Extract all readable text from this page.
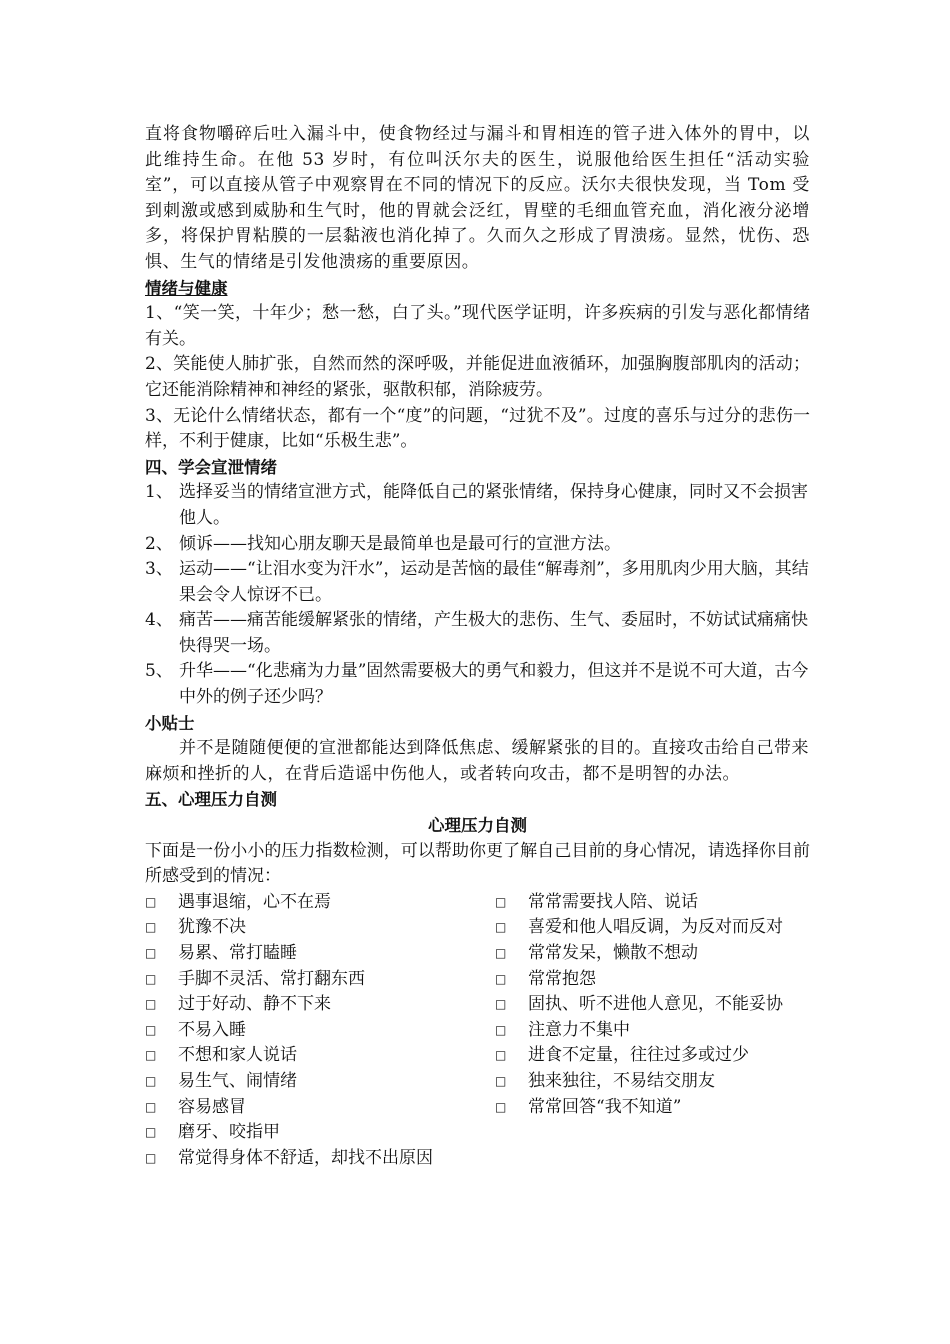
直将食物嚼碎后吐入漏斗中，使食物经过与漏斗和胃相连的管子进入体外的胃中，以此维持生命。在他 53 岁时，有位叫沃尔夫的医生，说服他给医生担任“活动实验室”，可以直接从管子中观察胃在不同的情况下的反应。沃尔夫很快发现，当 Tom 受到刺激或感到威胁和生气时，他的胃就会泛红，胃壁的毛细血管充血，消化液分泌增多，将保护胃粘膜的一层黏液也消化掉了。久而久之形成了胃溃疡。显然，忧伤、恐惧、生气的情绪是引发他溃疡的重要原因。

情绪与健康

1、“笑一笑，十年少；愁一愁，白了头。”现代医学证明，许多疾病的引发与恶化都情绪有关。

2、笑能使人肺扩张，自然而然的深呼吸，并能促进血液循环，加强胸腹部肌肉的活动；它还能消除精神和神经的紧张，驱散积郁，消除疲劳。

3、无论什么情绪状态，都有一个“度”的问题，“过犹不及”。过度的喜乐与过分的悲伤一样，不利于健康，比如“乐极生悲”。

四、学会宣泄情绪

1、 选择妥当的情绪宣泄方式，能降低自己的紧张情绪，保持身心健康，同时又不会损害他人。
2、 倾诉——找知心朋友聊天是最简单也是最可行的宣泄方法。
3、 运动——“让泪水变为汗水”，运动是苦恼的最佳“解毒剂”，多用肌肉少用大脑，其结果会令人惊讶不已。
4、 痛苦——痛苦能缓解紧张的情绪，产生极大的悲伤、生气、委屈时，不妨试试痛痛快快得哭一场。
5、 升华——“化悲痛为力量”固然需要极大的勇气和毅力，但这并不是说不可大道，古今中外的例子还少吗？

小贴士

并不是随随便便的宣泄都能达到降低焦虑、缓解紧张的目的。直接攻击给自己带来麻烦和挫折的人，在背后造谣中伤他人，或者转向攻击，都不是明智的办法。

五、心理压力自测

心理压力自测

下面是一份小小的压力指数检测，可以帮助你更了解自己目前的身心情况，请选择你目前所感受到的情况：

□	遇事退缩，心不在焉
□	犹豫不决
□	易累、常打瞌睡
□	手脚不灵活、常打翻东西
□	过于好动、静不下来
□	不易入睡
□	不想和家人说话
□	易生气、闹情绪
□	容易感冒
□	磨牙、咬指甲
□	常觉得身体不舒适，却找不出原因
□	常常需要找人陪、说话
□	喜爱和他人唱反调，为反对而反对
□	常常发呆，懒散不想动
□	常常抱怨
□	固执、听不进他人意见，不能妥协
□	注意力不集中
□	进食不定量，往往过多或过少
□	独来独往，不易结交朋友
□	常常回答“我不知道”
